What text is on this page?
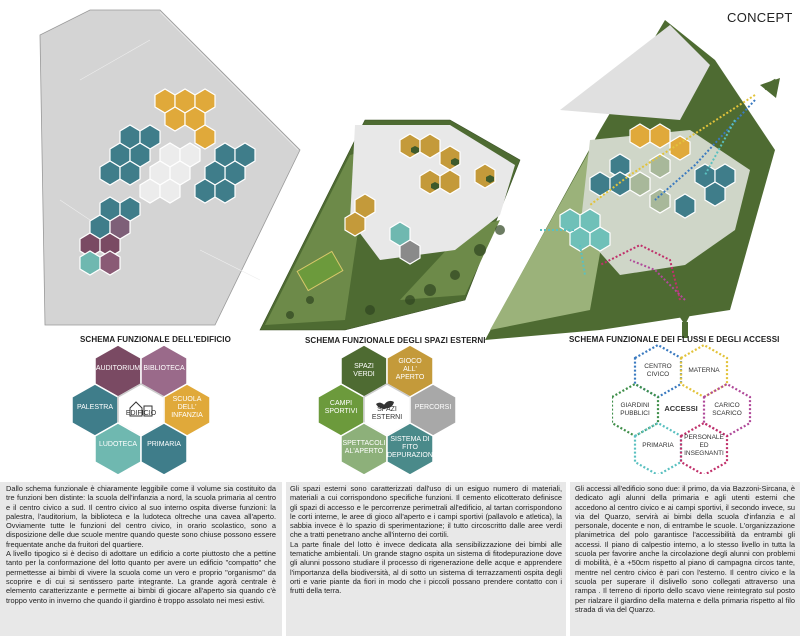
CONCEPT
SCHEMA FUNZIONALE DELL'EDIFICIO	SCHEMA FUNZIONALE DEGLI SPAZI ESTERNI	SCHEMA FUNZIONALE DEI FLUSSI E DEGLI ACCESSI
AUDITORIUM BIBLIOTECA
PALESTRA
EDIFICIO
SCUOLA
DELL'
INFANZIA
LUDOTECA	PRIMARIA
SPAZI
VERDI
GIOCO
ALL'
APERTO
CAMPI
SPORTIVI	SPAZI
ESTERNI
PERCORSI
SPETTACOLI
AL'APERTO
SISTEMA DI
FITO
DEPURAZIONE
CENTRO
CIVICO
MATERNA
GIARDINI
PUBBLICI
ACCESSI	CARICO
SCARICO
PRIMARIA
PERSONALE
ED
INSEGNANTI

Dallo schema funzionale è chiaramente leggibile come il volume sia costituito da tre funzioni ben distinte: la scuola dell'infanzia a nord, la scuola primaria al centro e il centro civico a sud. Il centro civico al suo interno ospita diverse funzioni: la palestra, l'auditorium, la biblioteca e la ludoteca oltreche una cavea all'aperto. Ovviamente tutte le funzioni del centro civico, in orario scolastico, sono a disposizione delle due scuole mentre quando queste sono chiuse possono essere frequentate anche da fruitori del quartiere.

A livello tipogico si è deciso di adottare un edificio a corte piuttosto che a pettine tanto per la conformazione del lotto quanto per avere un edificio "compatto" che permettesse ai bimbi di vivere la scuola come un vero e proprio "organismo" da scoprire e di cui si sentissero parte integrante. La grande agorà centrale è elemento caratterizzante e permette ai bimbi di giocare all'aperto sia quando c'è troppo vento in inverno che quando il giardino è troppo assolato nei mesi estivi.

Gli spazi esterni sono caratterizzati dall'uso di un esiguo numero di materiali, materiali a cui corrispondono specifiche funzioni. Il cemento elicotterato definisce gli spazi di accesso e le percorrenze perimetrali all'edificio, al tartan corrispondono le corti interne, le aree di gioco all'aperto e i campi sportivi (pallavolo e atletica), la sabbia invece è lo spazio di sperimentazione; il tutto circoscritto dalle aree verdi che a tratti penetrano anche all'interno dei cortili.

La parte finale del lotto è invece dedicata alla sensibilizzazione dei bimbi alle tematiche ambientali. Un grande stagno ospita un sistema di fitodepurazione dove gli alunni possono studiare il processo di rigenerazione delle acque e apprendere l'importanza della biodiversità, al di sotto un sistema di terrazzamenti ospita degli orti e varie piante da fiori in modo che i piccoli possano prendere contatto con i frutti della terra.

Gli accessi all'edificio sono due: il primo, da via Bazzoni-Sircana, è dedicato agli alunni della primaria e agli utenti esterni che accedono al centro civico e ai campi sportivi, il secondo invece, su via del Quarzo, servirà ai bimbi della scuola d'infanzia e al personale, docente e non, di entrambe le scuole. L'organizzazione planimetrica del polo garantisce l'accessibilità da entrambi gli accessi. Il piano di calpestio interno, a lo stesso livello in tutta la scuola per favorire anche la circolazione degli alunni con problemi di mobilità, è a +50cm rispetto al piano di campagna circos tante, mentre nel centro civico è pari con l'esterno. Il centro civico e la scuola per superare il dislivello sono collegati attraverso una rampa . Il terreno di riporto dello scavo viene reintegrato sul posto per rialzare il giardino della materna e della primaria rispetto al filo strada di via del Quarzo.
